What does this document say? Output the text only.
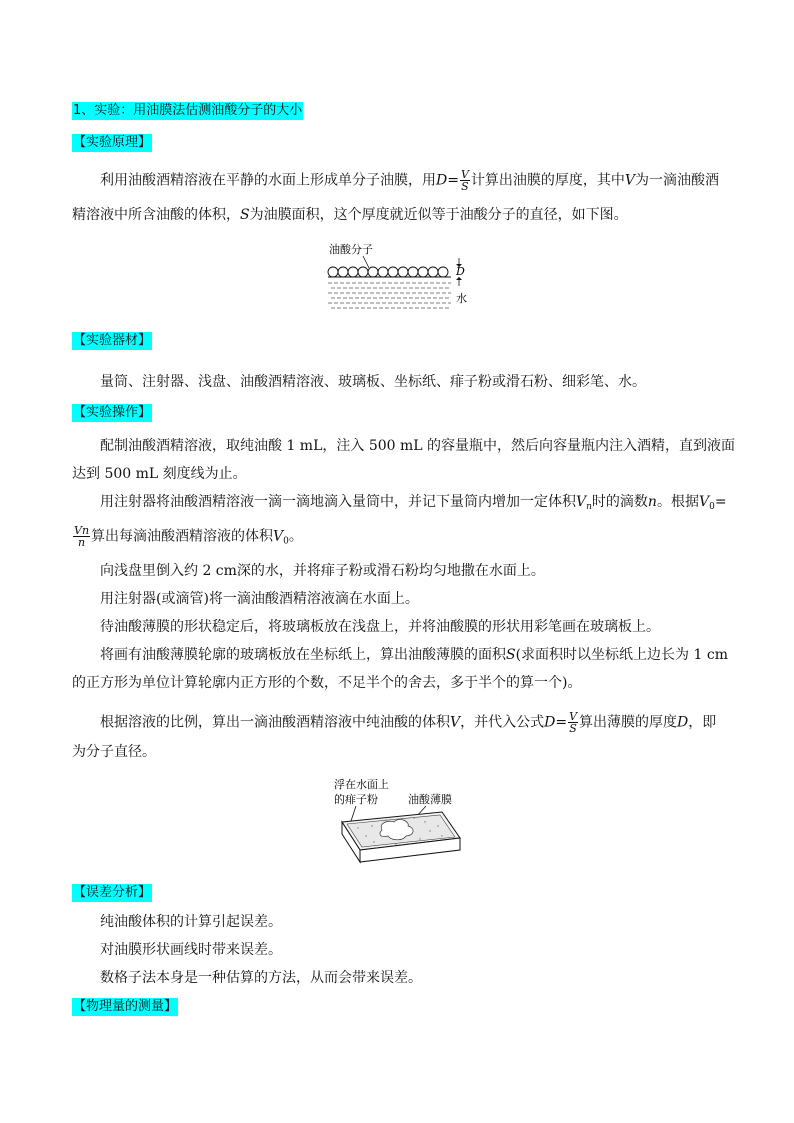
1、实验：用油膜法估测油酸分子的大小
【实验原理】
利用油酸酒精溶液在平静的水面上形成单分子油膜，用$D= \frac{V}{S}$ 计算出油膜的厚度，其中V为一滴油酸酒
精溶液中所含油酸的体积，S为油膜面积，这个厚度就近似等于油酸分子的直径，如下图。
油酸分子
D
水
【实验器材】
量筒、注射器、浅盘、油酸酒精溶液、玻璃板、坐标纸、痱子粉或滑石粉、细彩笔、水。
【实验操作】
配制油酸酒精溶液，取纯油酸 1 mL，注入 500 mL 的容量瓶中，然后向容量瓶内注入酒精，直到液面
达到 500 mL 刻度线为止。
用注射器将油酸酒精溶液一滴一滴地滴入量筒中，并记下量筒内增加一定体积$V_n$时的滴数n。根据$V_0=$
$\frac{Vn}{n}$ 算出每滴油酸酒精溶液的体积$V_0$。
向浅盘里倒入约 2 cm深的水，并将痱子粉或滑石粉均匀地撒在水面上。
用注射器(或滴管)将一滴油酸酒精溶液滴在水面上。
待油酸薄膜的形状稳定后，将玻璃板放在浅盘上，并将油酸膜的形状用彩笔画在玻璃板上。
将画有油酸薄膜轮廓的玻璃板放在坐标纸上，算出油酸薄膜的面积S(求面积时以坐标纸上边长为 1 cm
的正方形为单位计算轮廓内正方形的个数，不足半个的舍去，多于半个的算一个)。
根据溶液的比例，算出一滴油酸酒精溶液中纯油酸的体积V，并代入公式$D= \frac{V}{S}$ 算出薄膜的厚度D，即
为分子直径。
浮在水面上
的痱子粉	油酸薄膜
【误差分析】
纯油酸体积的计算引起误差。
对油膜形状画线时带来误差。
数格子法本身是一种估算的方法，从而会带来误差。
【物理量的测量】
